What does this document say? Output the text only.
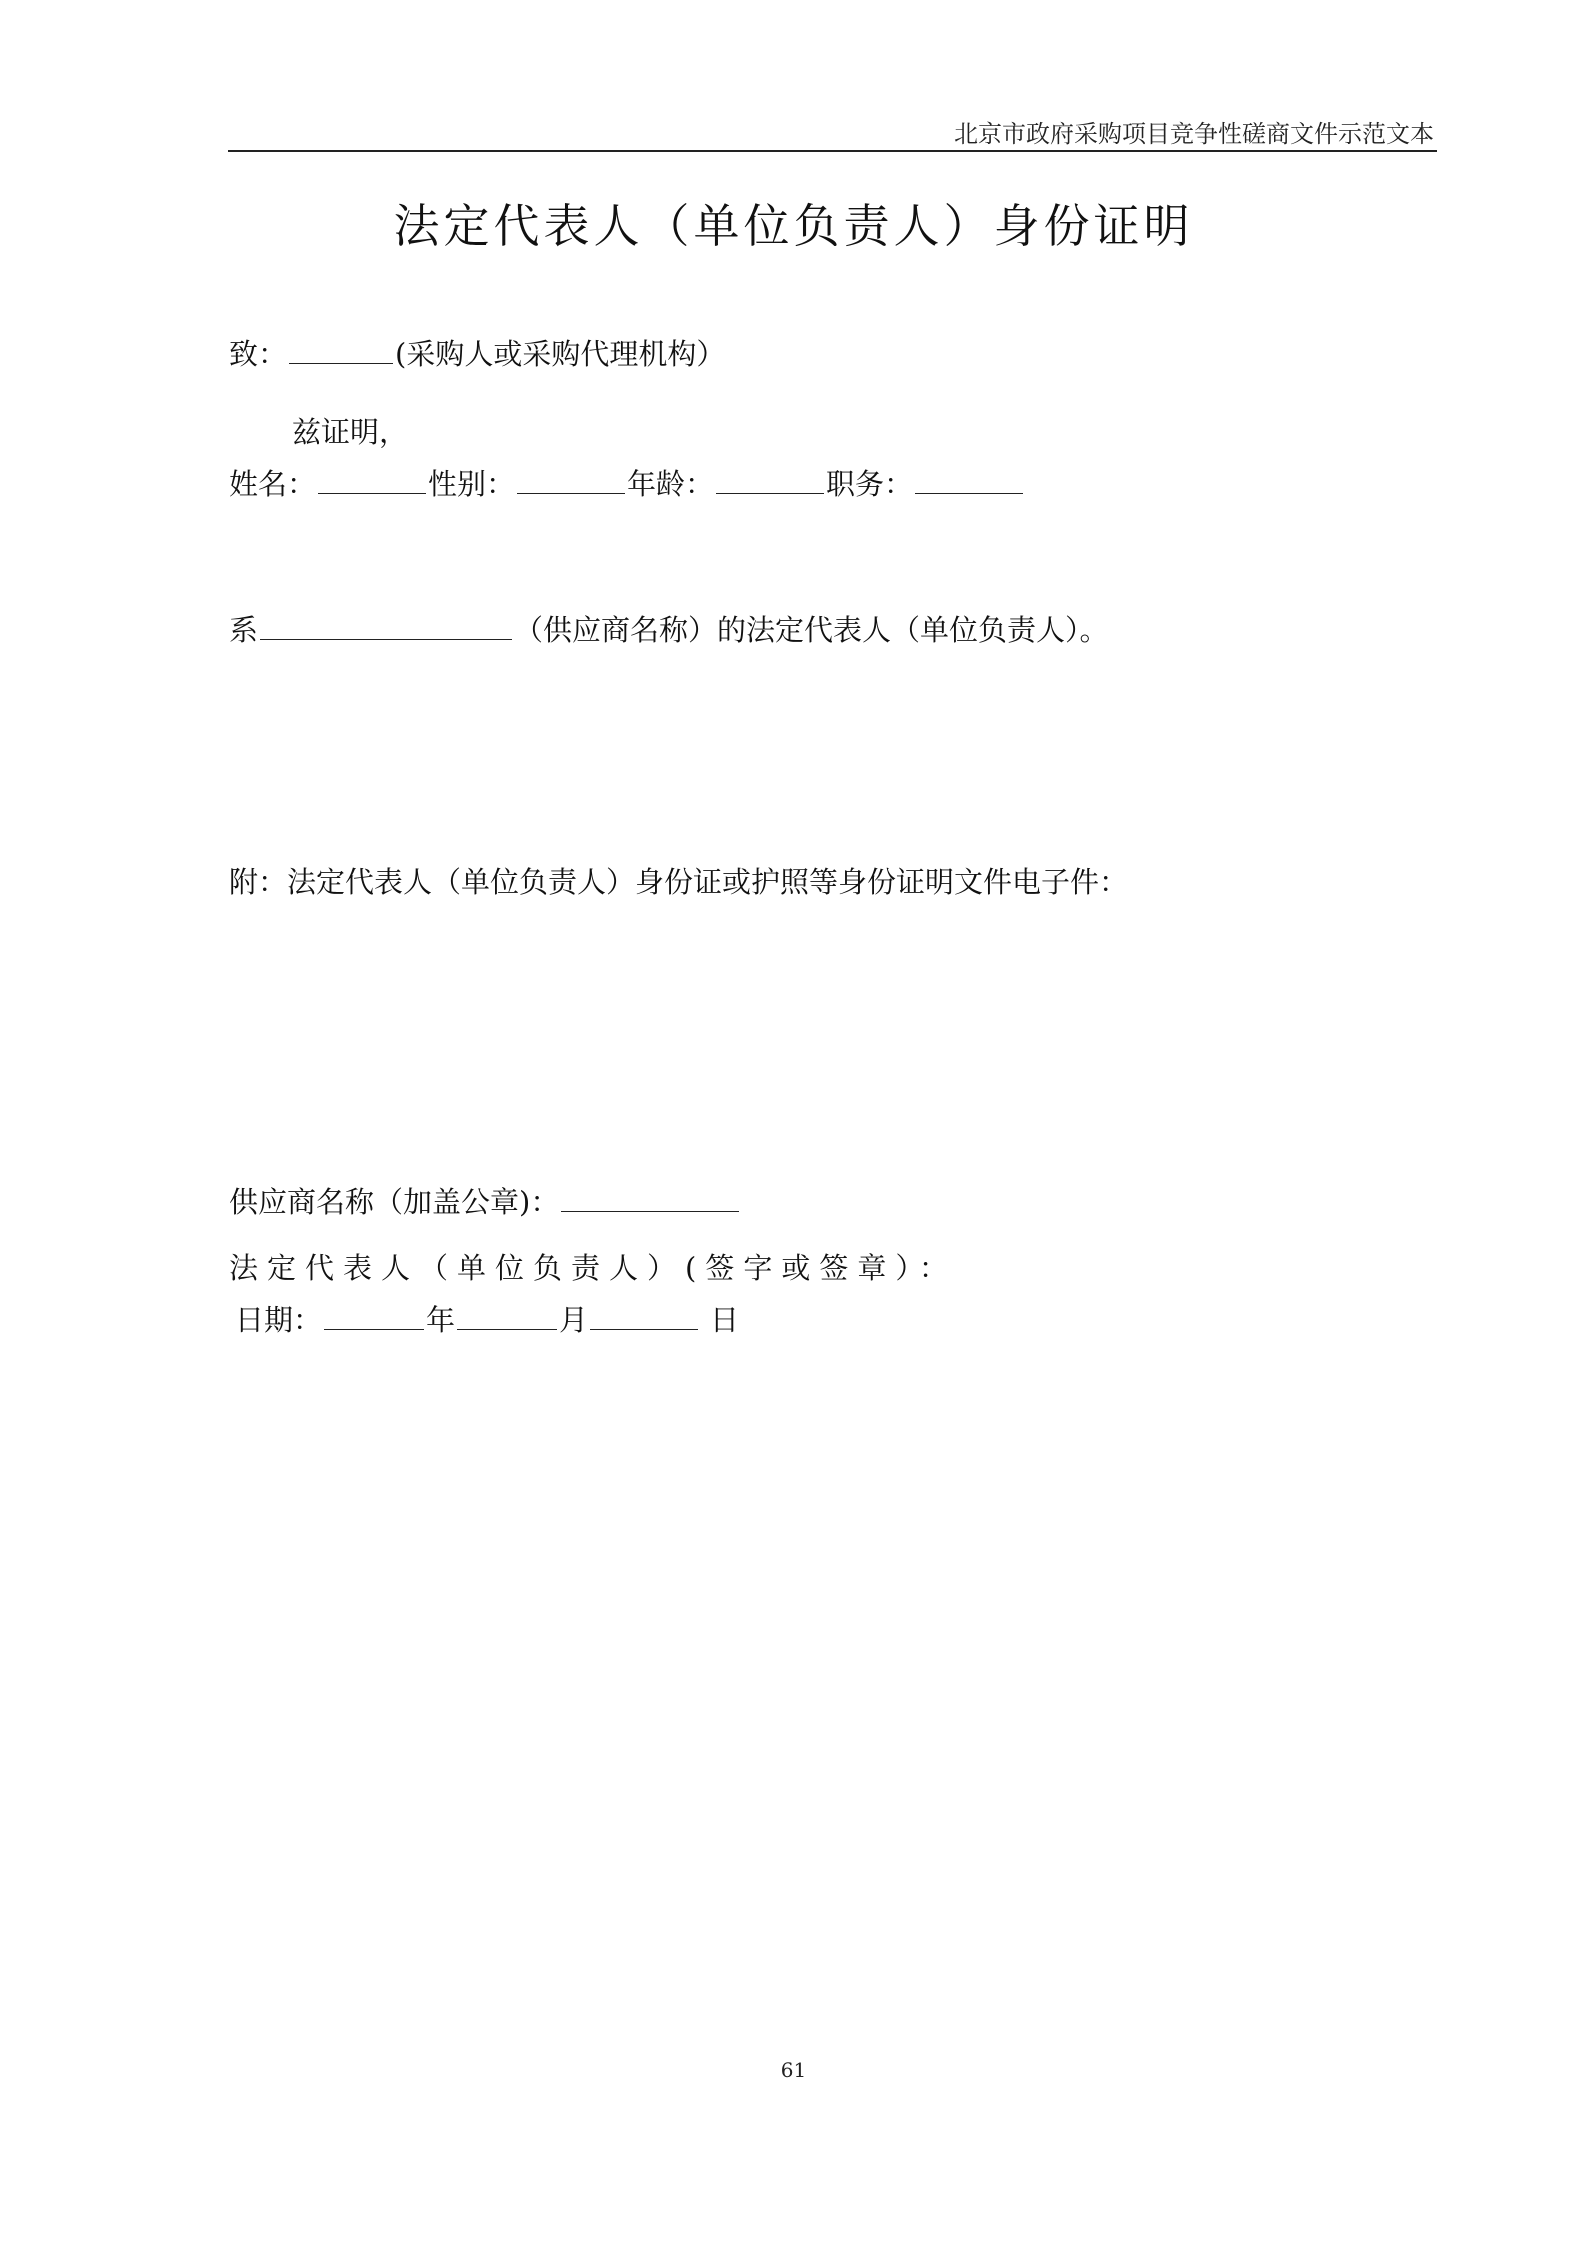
北京市政府采购项目竞争性磋商文件示范文本
法定代表人（单位负责人）身份证明
致：	(采购人或采购代理机构）
兹证明，
姓名：	性别：	年龄：	职务：
系	（供应商名称）的法定代表人（单位负责人）。
附：法定代表人（单位负责人）身份证或护照等身份证明文件电子件：
供应商名称（加盖公章)：
法定代表人（单位负责人）(签字或签章）：
日期：	年	月	日
61
